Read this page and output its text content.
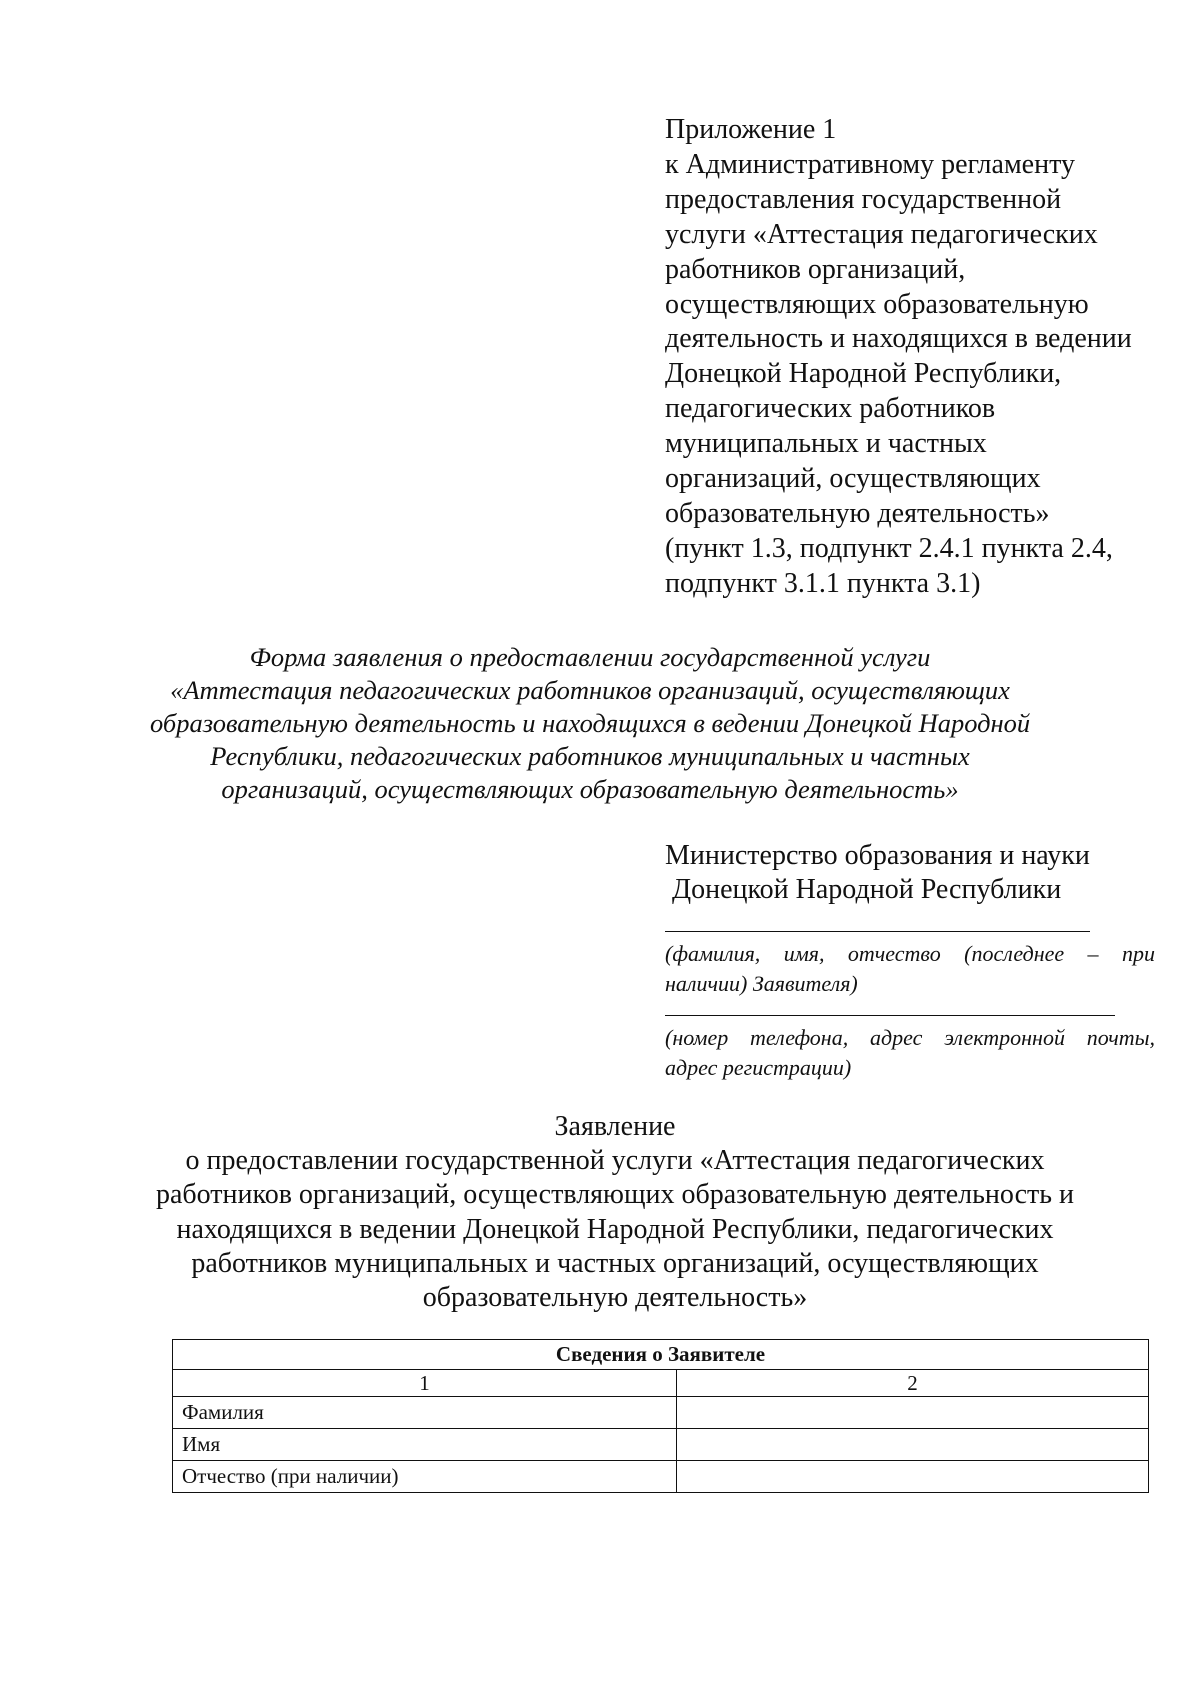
Приложение 1
к Административному регламенту
предоставления государственной
услуги «Аттестация педагогических
работников организаций,
осуществляющих образовательную
деятельность и находящихся в ведении
Донецкой Народной Республики,
педагогических работников
муниципальных и частных
организаций, осуществляющих
образовательную деятельность»
(пункт 1.3, подпункт 2.4.1 пункта 2.4,
подпункт 3.1.1 пункта 3.1)
Форма заявления о предоставлении государственной услуги
«Аттестация педагогических работников организаций, осуществляющих
образовательную деятельность и находящихся в ведении Донецкой Народной
Республики, педагогических работников муниципальных и частных
организаций, осуществляющих образовательную деятельность»
Министерство образования и науки
Донецкой Народной Республики
(фамилия, имя, отчество (последнее – при
наличии) Заявителя)
(номер телефона, адрес электронной почты,
адрес регистрации)
Заявление
о предоставлении государственной услуги «Аттестация педагогических
работников организаций, осуществляющих образовательную деятельность и
находящихся в ведении Донецкой Народной Республики, педагогических
работников муниципальных и частных организаций, осуществляющих
образовательную деятельность»
Сведения о Заявителе	
1	2
Фамилия	
Имя	
Отчество (при наличии)	
